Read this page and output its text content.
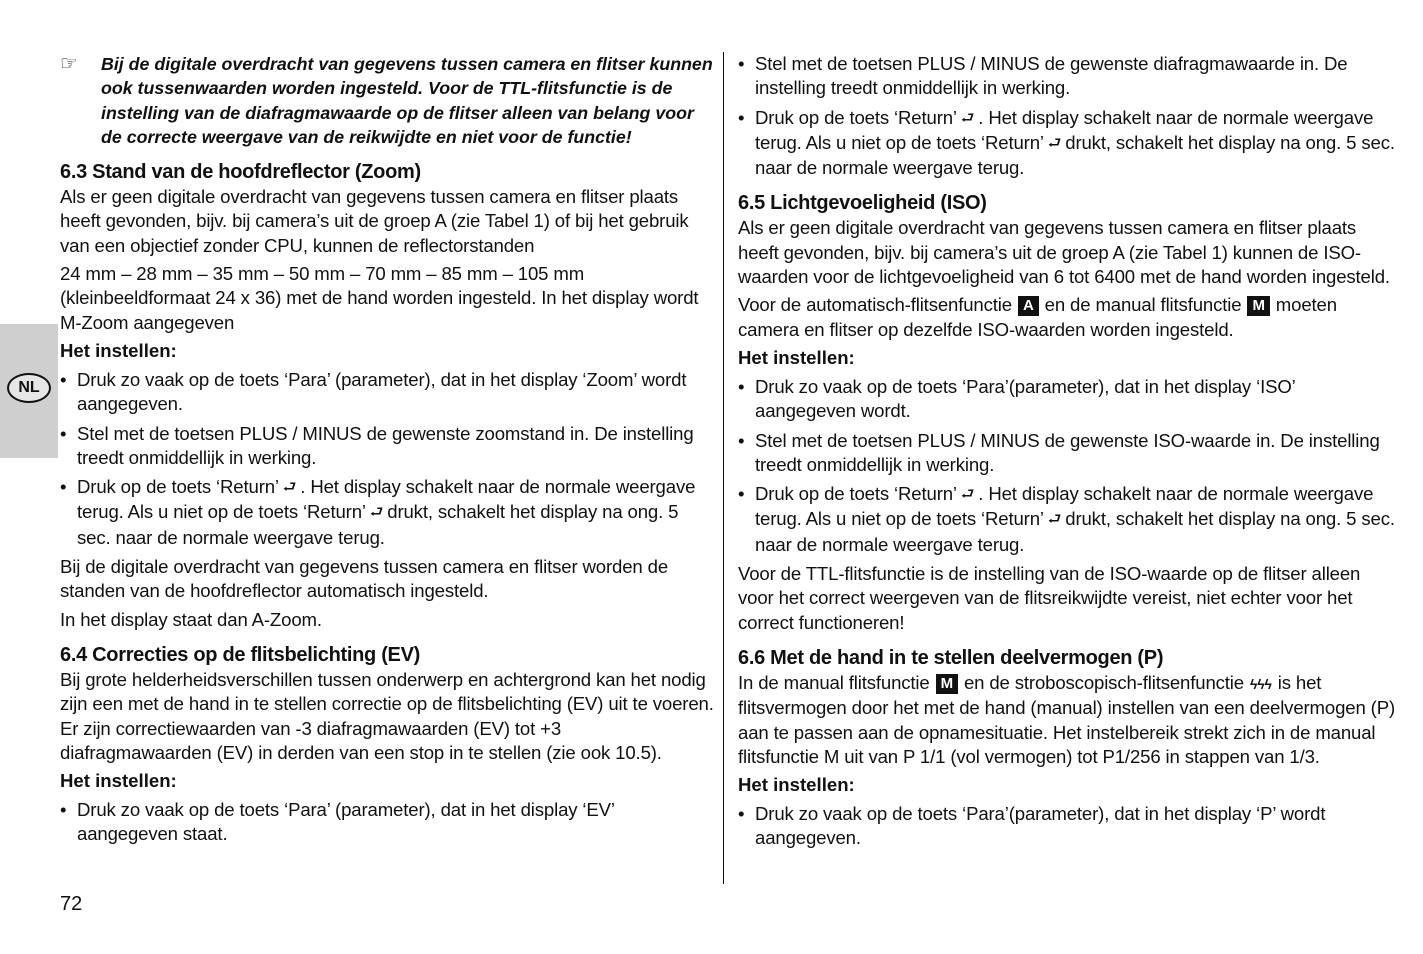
NL

☞ Bij de digitale overdracht van gegevens tussen camera en flitser kunnen ook tussenwaarden worden ingesteld. Voor de TTL-flitsfunctie is de instelling van de diafragmawaarde op de flitser alleen van belang voor de correcte weergave van de reikwijdte en niet voor de functie!

6.3 Stand van de hoofdreflector (Zoom)

Als er geen digitale overdracht van gegevens tussen camera en flitser plaats heeft gevonden, bijv. bij camera’s uit de groep A (zie Tabel 1) of bij het gebruik van een objectief zonder CPU, kunnen de reflectorstanden

24 mm – 28 mm – 35 mm – 50 mm – 70 mm – 85 mm – 105 mm (kleinbeeldformaat 24 x 36) met de hand worden ingesteld. In het display wordt M-Zoom aangegeven

Het instellen:

• Druk zo vaak op de toets ‘Para’ (parameter), dat in het display ‘Zoom’ wordt aangegeven.
• Stel met de toetsen PLUS / MINUS de gewenste zoomstand in. De instelling treedt onmiddellijk in werking.
• Druk op de toets ‘Return’ ⮐ . Het display schakelt naar de normale weergave terug. Als u niet op de toets ‘Return’ ⮐ drukt, schakelt het display na ong. 5 sec. naar de normale weergave terug.

Bij de digitale overdracht van gegevens tussen camera en flitser worden de standen van de hoofdreflector automatisch ingesteld.

In het display staat dan A-Zoom.

6.4 Correcties op de flitsbelichting (EV)

Bij grote helderheidsverschillen tussen onderwerp en achtergrond kan het nodig zijn een met de hand in te stellen correctie op de flitsbelichting (EV) uit te voeren. Er zijn correctiewaarden van -3 diafragmawaarden (EV) tot +3 diafragmawaarden (EV) in derden van een stop in te stellen (zie ook 10.5).

Het instellen:

• Druk zo vaak op de toets ‘Para’ (parameter), dat in het display ‘EV’ aangegeven staat.
• Stel met de toetsen PLUS / MINUS de gewenste diafragmawaarde in. De instelling treedt onmiddellijk in werking.
• Druk op de toets ‘Return’ ⮐ . Het display schakelt naar de normale weergave terug. Als u niet op de toets ‘Return’ ⮐ drukt, schakelt het display na ong. 5 sec. naar de normale weergave terug.
6.5 Lichtgevoeligheid (ISO)

Als er geen digitale overdracht van gegevens tussen camera en flitser plaats heeft gevonden, bijv. bij camera’s uit de groep A (zie Tabel 1) kunnen de ISO-waarden voor de lichtgevoeligheid van 6 tot 6400 met de hand worden ingesteld.

Voor de automatisch-flitsenfunctie A en de manual flitsfunctie M moeten camera en flitser op dezelfde ISO-waarden worden ingesteld.

Het instellen:

• Druk zo vaak op de toets ‘Para’(parameter), dat in het display ‘ISO’ aangegeven wordt.
• Stel met de toetsen PLUS / MINUS de gewenste ISO-waarde in. De instelling treedt onmiddellijk in werking.
• Druk op de toets ‘Return’ ⮐ . Het display schakelt naar de normale weergave terug. Als u niet op de toets ‘Return’ ⮐ drukt, schakelt het display na ong. 5 sec. naar de normale weergave terug.

Voor de TTL-flitsfunctie is de instelling van de ISO-waarde op de flitser alleen voor het correct weergeven van de flitsreikwijdte vereist, niet echter voor het correct functioneren!

6.6 Met de hand in te stellen deelvermogen (P)

In de manual flitsfunctie M en de stroboscopisch-flitsenfunctie ϟϟϟ is het flitsvermogen door het met de hand (manual) instellen van een deelvermogen (P) aan te passen aan de opnamesituatie. Het instelbereik strekt zich in de manual flitsfunctie M uit van P 1/1 (vol vermogen) tot P1/256 in stappen van 1/3.

Het instellen:

• Druk zo vaak op de toets ‘Para’(parameter), dat in het display ‘P’ wordt aangegeven.
72
